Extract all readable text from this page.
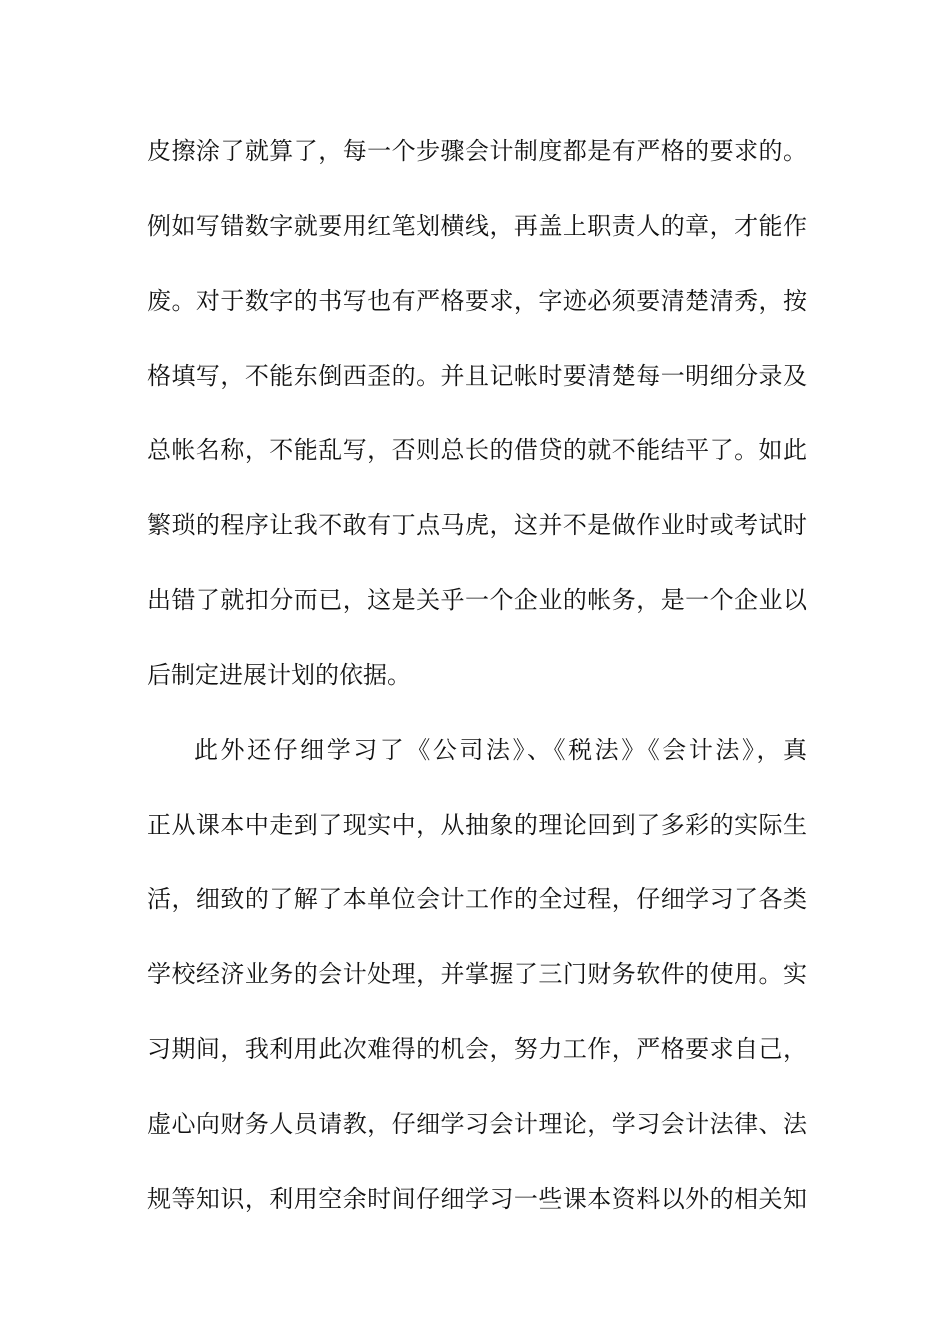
皮擦涂了就算了，每一个步骤会计制度都是有严格的要求的。
例如写错数字就要用红笔划横线，再盖上职责人的章，才能作
废。对于数字的书写也有严格要求，字迹必须要清楚清秀，按
格填写，不能东倒西歪的。并且记帐时要清楚每一明细分录及
总帐名称，不能乱写，否则总长的借贷的就不能结平了。如此
繁琐的程序让我不敢有丁点马虎，这并不是做作业时或考试时
出错了就扣分而已，这是关乎一个企业的帐务，是一个企业以
后制定进展计划的依据。
此外还仔细学习了《公司法》、《税法》《会计法》，真
正从课本中走到了现实中，从抽象的理论回到了多彩的实际生
活，细致的了解了本单位会计工作的全过程，仔细学习了各类
学校经济业务的会计处理，并掌握了三门财务软件的使用。实
习期间，我利用此次难得的机会，努力工作，严格要求自己，
虚心向财务人员请教，仔细学习会计理论，学习会计法律、法
规等知识，利用空余时间仔细学习一些课本资料以外的相关知
